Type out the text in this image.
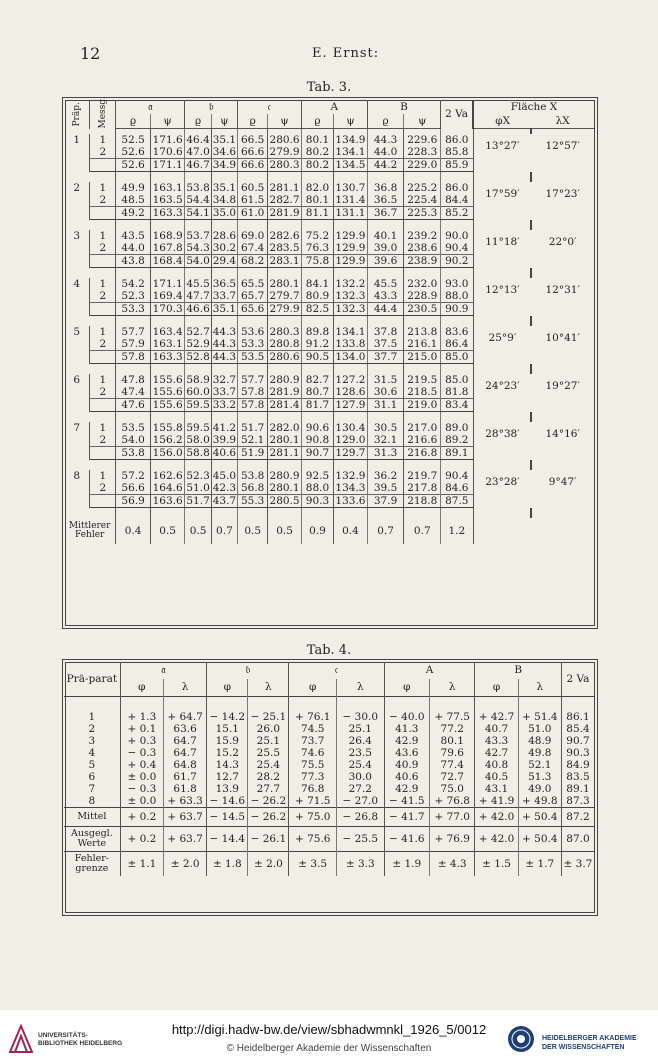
12	E. Ernst:
Tab. 3.
Präp.	Messg.	𝔞		𝔟		𝔠		A		B		2 Va	Fläche X	
		ϱ	ψ	ϱ	ψ	ϱ	ψ	ϱ	ψ	ϱ	ψ		φX	λX

1	1	52.5	171.6	46.4	35.1	66.5	280.6	80.1	134.9	44.3	229.6	86.0	13°27′	12°57′
	2	52.6	170.6	47.0	34.6	66.6	279.9	80.2	134.1	44.0	228.3	85.8		
		52.6	171.1	46.7	34.9	66.6	280.3	80.2	134.5	44.2	229.0	85.9		

2	1	49.9	163.1	53.8	35.1	60.5	281.1	82.0	130.7	36.8	225.2	86.0	17°59′	17°23′
	2	48.5	163.5	54.4	34.8	61.5	282.7	80.1	131.4	36.5	225.4	84.4		
		49.2	163.3	54.1	35.0	61.0	281.9	81.1	131.1	36.7	225.3	85.2		

3	1	43.5	168.9	53.7	28.6	69.0	282.6	75.2	129.9	40.1	239.2	90.0	11°18′	22°0′
	2	44.0	167.8	54.3	30.2	67.4	283.5	76.3	129.9	39.0	238.6	90.4		
		43.8	168.4	54.0	29.4	68.2	283.1	75.8	129.9	39.6	238.9	90.2		

4	1	54.2	171.1	45.5	36.5	65.5	280.1	84.1	132.2	45.5	232.0	93.0	12°13′	12°31′
	2	52.3	169.4	47.7	33.7	65.7	279.7	80.9	132.3	43.3	228.9	88.0		
		53.3	170.3	46.6	35.1	65.6	279.9	82.5	132.3	44.4	230.5	90.9		

5	1	57.7	163.4	52.7	44.3	53.6	280.3	89.8	134.1	37.8	213.8	83.6	25°9′	10°41′
	2	57.9	163.1	52.9	44.3	53.3	280.8	91.2	133.8	37.5	216.1	86.4		
		57.8	163.3	52.8	44.3	53.5	280.6	90.5	134.0	37.7	215.0	85.0		

6	1	47.8	155.6	58.9	32.7	57.7	280.9	82.7	127.2	31.5	219.5	85.0	24°23′	19°27′
	2	47.4	155.6	60.0	33.7	57.8	281.9	80.7	128.6	30.6	218.5	81.8		
		47.6	155.6	59.5	33.2	57.8	281.4	81.7	127.9	31.1	219.0	83.4		

7	1	53.5	155.8	59.5	41.2	51.7	282.0	90.6	130.4	30.5	217.0	89.0	28°38′	14°16′
	2	54.0	156.2	58.0	39.9	52.1	280.1	90.8	129.0	32.1	216.6	89.2		
		53.8	156.0	58.8	40.6	51.9	281.1	90.7	129.7	31.3	216.8	89.1		

8	1	57.2	162.6	52.3	45.0	53.8	280.9	92.5	132.9	36.2	219.7	90.4	23°28′	9°47′
	2	56.6	164.6	51.0	42.3	56.8	280.1	88.0	134.3	39.5	217.8	84.6		
		56.9	163.6	51.7	43.7	55.3	280.5	90.3	133.6	37.9	218.8	87.5		

Mittlerer Fehler		0.4	0.5	0.5	0.7	0.5	0.5	0.9	0.4	0.7	0.7	1.2		
Tab. 4.
Prä-parat	𝔞		𝔟		𝔠		A		B		2 Va
	φ	λ	φ	λ	φ	λ	φ	λ	φ	λ	

1	+ 1.3	+ 64.7	− 14.2	− 25.1	+ 76.1	− 30.0	− 40.0	+ 77.5	+ 42.7	+ 51.4	86.1
2	+ 0.1	63.6	15.1	26.0	74.5	25.1	41.3	77.2	40.7	51.0	85.4
3	+ 0.3	64.7	15.9	25.1	73.7	26.4	42.9	80.1	43.3	48.9	90.7
4	− 0.3	64.7	15.2	25.5	74.6	23.5	43.6	79.6	42.7	49.8	90.3
5	+ 0.4	64.8	14.3	25.4	75.5	25.4	40.9	77.4	40.8	52.1	84.9
6	± 0.0	61.7	12.7	28.2	77.3	30.0	40.6	72.7	40.5	51.3	83.5
7	− 0.3	61.8	13.9	27.7	76.8	27.2	42.9	75.0	43.1	49.0	89.1
8	± 0.0	+ 63.3	− 14.6	− 26.2	+ 71.5	− 27.0	− 41.5	+ 76.8	+ 41.9	+ 49.8	87.3
Mittel	+ 0.2	+ 63.7	− 14.5	− 26.2	+ 75.0	− 26.8	− 41.7	+ 77.0	+ 42.0	+ 50.4	87.2
Ausgegl. Werte	+ 0.2	+ 63.7	− 14.4	− 26.1	+ 75.6	− 25.5	− 41.6	+ 76.9	+ 42.0	+ 50.4	87.0
Fehler-grenze	± 1.1	± 2.0	± 1.8	± 2.0	± 3.5	± 3.3	± 1.9	± 4.3	± 1.5	± 1.7	± 3.7
UNIVERSITÄTS- BIBLIOTHEK HEIDELBERG
http://digi.hadw-bw.de/view/sbhadwmnkl_1926_5/0012
© Heidelberger Akademie der Wissenschaften
HEIDELBERGER AKADEMIE DER WISSENSCHAFTEN
